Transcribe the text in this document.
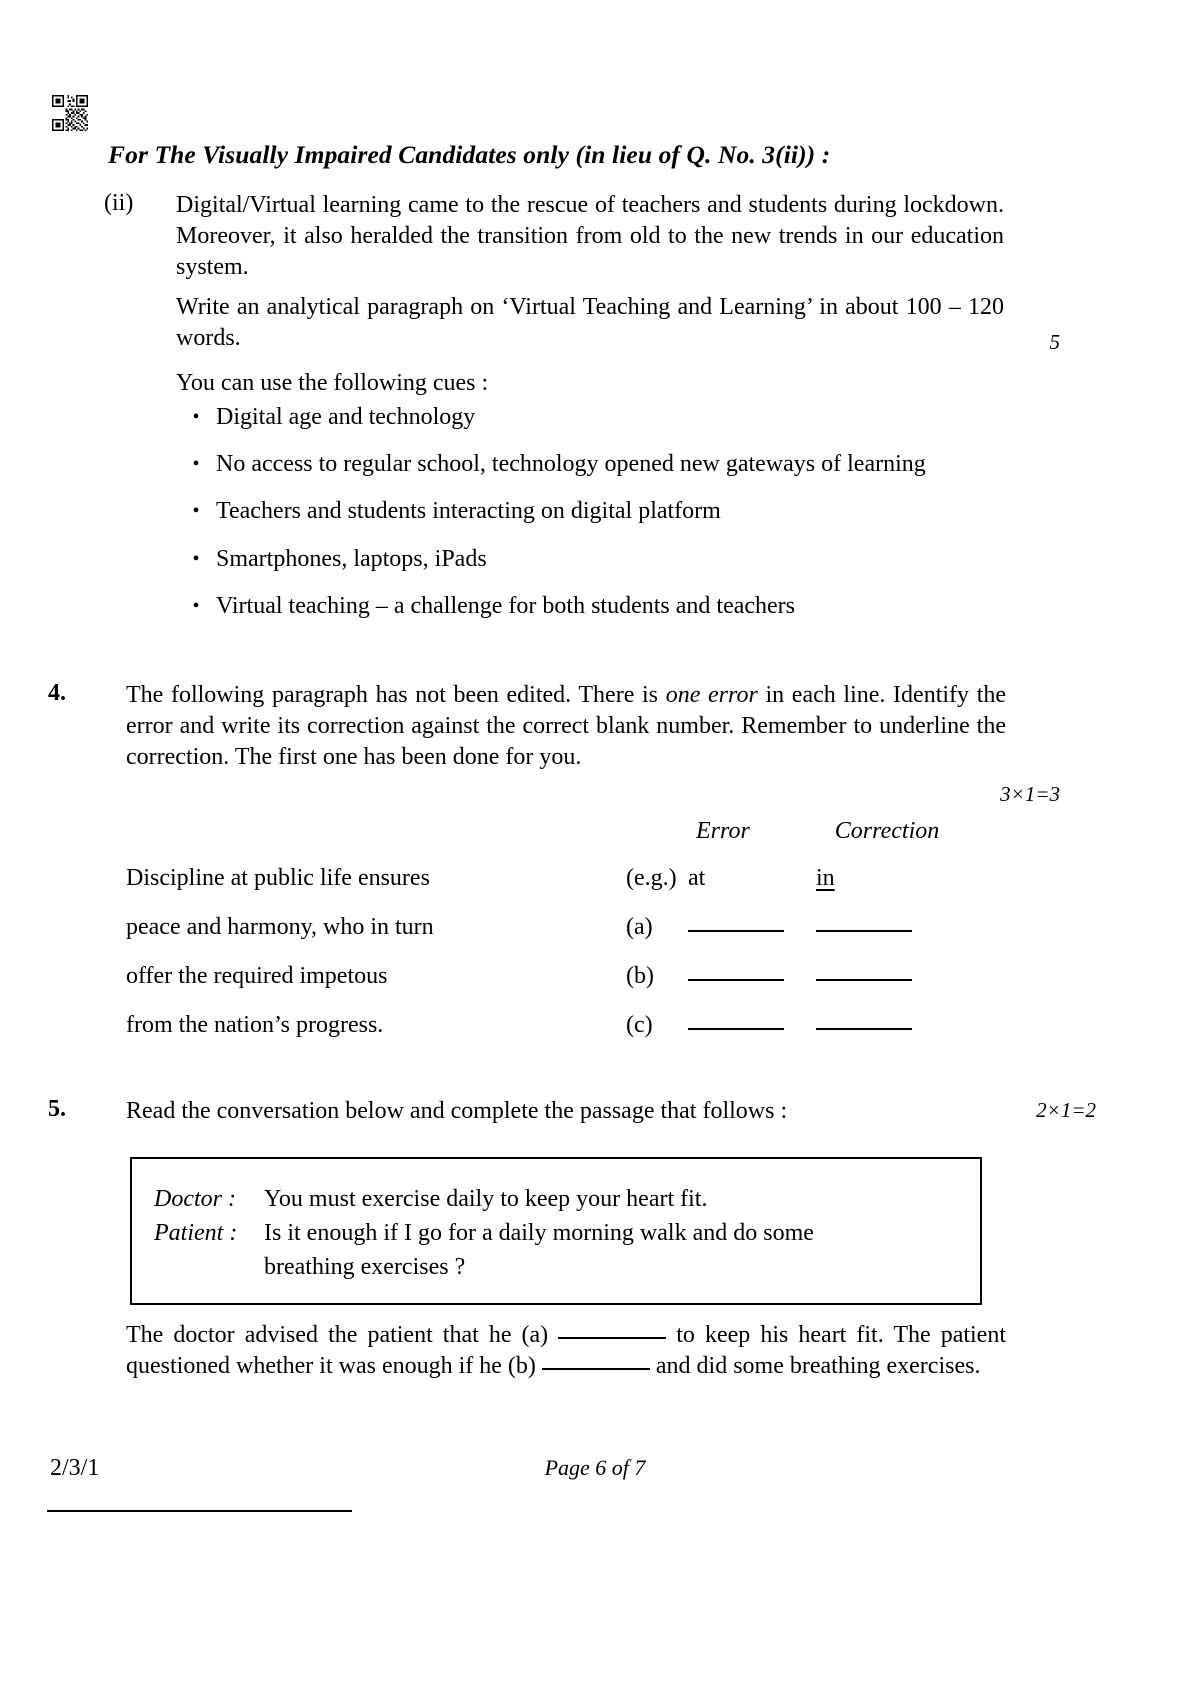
For The Visually Impaired Candidates only (in lieu of Q. No. 3(ii)) :
(ii) Digital/Virtual learning came to the rescue of teachers and students during lockdown. Moreover, it also heralded the transition from old to the new trends in our education system.
Write an analytical paragraph on ‘Virtual Teaching and Learning’ in about 100 – 120 words.	5
You can use the following cues :
• Digital age and technology
• No access to regular school, technology opened new gateways of learning
• Teachers and students interacting on digital platform
• Smartphones, laptops, iPads
• Virtual teaching – a challenge for both students and teachers
4.	The following paragraph has not been edited. There is one error in each line. Identify the error and write its correction against the correct blank number. Remember to underline the correction. The first one has been done for you.
3×1=3
Error	Correction
Discipline at public life ensures	(e.g.) at	in
peace and harmony, who in turn	(a)
offer the required impetous	(b)
from the nation’s progress.	(c)
5.	Read the conversation below and complete the passage that follows :	2×1=2
Doctor :	You must exercise daily to keep your heart fit.
Patient :	Is it enough if I go for a daily morning walk and do some
breathing exercises ?
The doctor advised the patient that he (a)	to keep his heart fit. The patient questioned whether it was enough if he (b)	and did some breathing exercises.
2/3/1	Page 6 of 7
